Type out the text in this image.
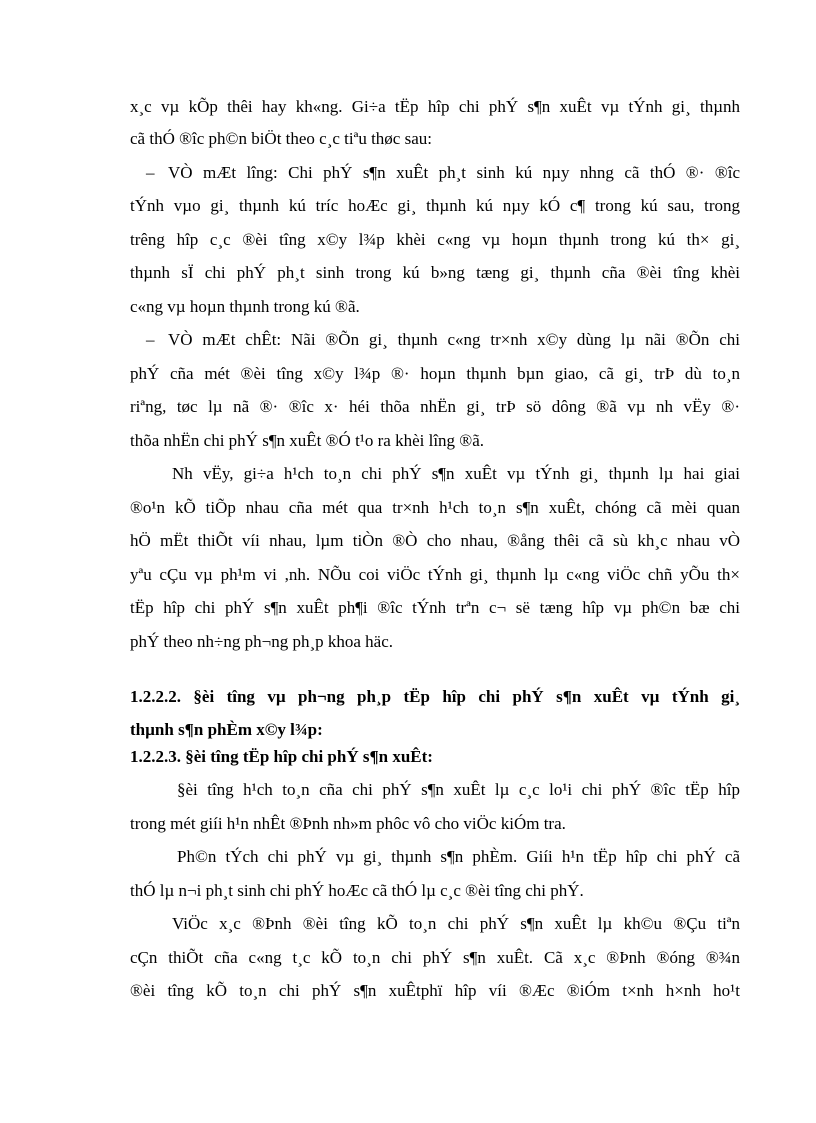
x¸c vµ kÕp thêi hay kh«ng. Gi÷a tËp hîp chi phÝ s¶n xuÊt vµ tÝnh gi¸ thµnh
cã thÓ ®îc ph©n biÖt theo c¸c tiªu thøc sau:
– VÒ mÆt lîng: Chi phÝ s¶n xuÊt ph¸t sinh kú nµy nhng cã thÓ ®· ®îc
tÝnh vµo gi¸ thµnh kú tríc hoÆc gi¸ thµnh kú nµy kÓ c¶ trong kú sau, trong
trêng hîp c¸c ®èi tîng x©y l¾p khèi c«ng vµ hoµn thµnh trong kú th× gi¸
thµnh sÏ chi phÝ ph¸t sinh trong kú b»ng tæng gi¸ thµnh cña ®èi tîng khèi
c«ng vµ hoµn thµnh trong kú ®ã.
– VÒ mÆt chÊt: Nãi ®Õn gi¸ thµnh c«ng tr×nh x©y dùng lµ nãi ®Õn chi
phÝ cña mét ®èi tîng x©y l¾p ®· hoµn thµnh bµn giao, cã gi¸ trÞ dù to¸n
riªng, tøc lµ nã ®· ®îc x· héi thõa nhËn gi¸ trÞ sö dông ®ã vµ nh vËy ®·
thõa nhËn chi phÝ s¶n xuÊt ®Ó t¹o ra khèi lîng ®ã.
Nh vËy, gi÷a h¹ch to¸n chi phÝ s¶n xuÊt vµ tÝnh gi¸ thµnh lµ hai giai
®o¹n kÕ tiÕp nhau cña mét qua tr×nh h¹ch to¸n s¶n xuÊt, chóng cã mèi quan
hÖ mËt thiÕt víi nhau, lµm tiÒn ®Ò cho nhau, ®ång thêi cã sù kh¸c nhau vÒ
yªu cÇu vµ ph¹m vi ,nh. NÕu coi viÖc tÝnh gi¸ thµnh lµ c«ng viÖc chñ yÕu th×
tËp hîp chi phÝ s¶n xuÊt ph¶i ®îc tÝnh trªn c¬ së tæng hîp vµ ph©n bæ chi
phÝ theo nh÷ng ph¬ng ph¸p khoa häc.
1.2.2.2. §èi tîng vµ ph¬ng ph¸p tËp hîp chi phÝ s¶n xuÊt vµ tÝnh gi¸
thµnh s¶n phÈm x©y l¾p:
1.2.2.3. §èi tîng tËp hîp chi phÝ s¶n xuÊt:
§èi tîng h¹ch to¸n cña chi phÝ s¶n xuÊt lµ c¸c lo¹i chi phÝ ®îc tËp hîp
trong mét giíi h¹n nhÊt ®Þnh nh»m phôc vô cho viÖc kiÓm tra.
Ph©n tÝch chi phÝ vµ gi¸ thµnh s¶n phÈm. Giíi h¹n tËp hîp chi phÝ cã
thÓ lµ n¬i ph¸t sinh chi phÝ hoÆc cã thÓ lµ c¸c ®èi tîng chi phÝ.
ViÖc x¸c ®Þnh ®èi tîng kÕ to¸n chi phÝ s¶n xuÊt lµ kh©u ®Çu tiªn
cÇn thiÕt cña c«ng t¸c kÕ to¸n chi phÝ s¶n xuÊt. Cã x¸c ®Þnh ®óng ®¾n
®èi tîng kÕ to¸n chi phÝ s¶n xuÊtphï hîp víi ®Æc ®iÓm t×nh h×nh ho¹t
